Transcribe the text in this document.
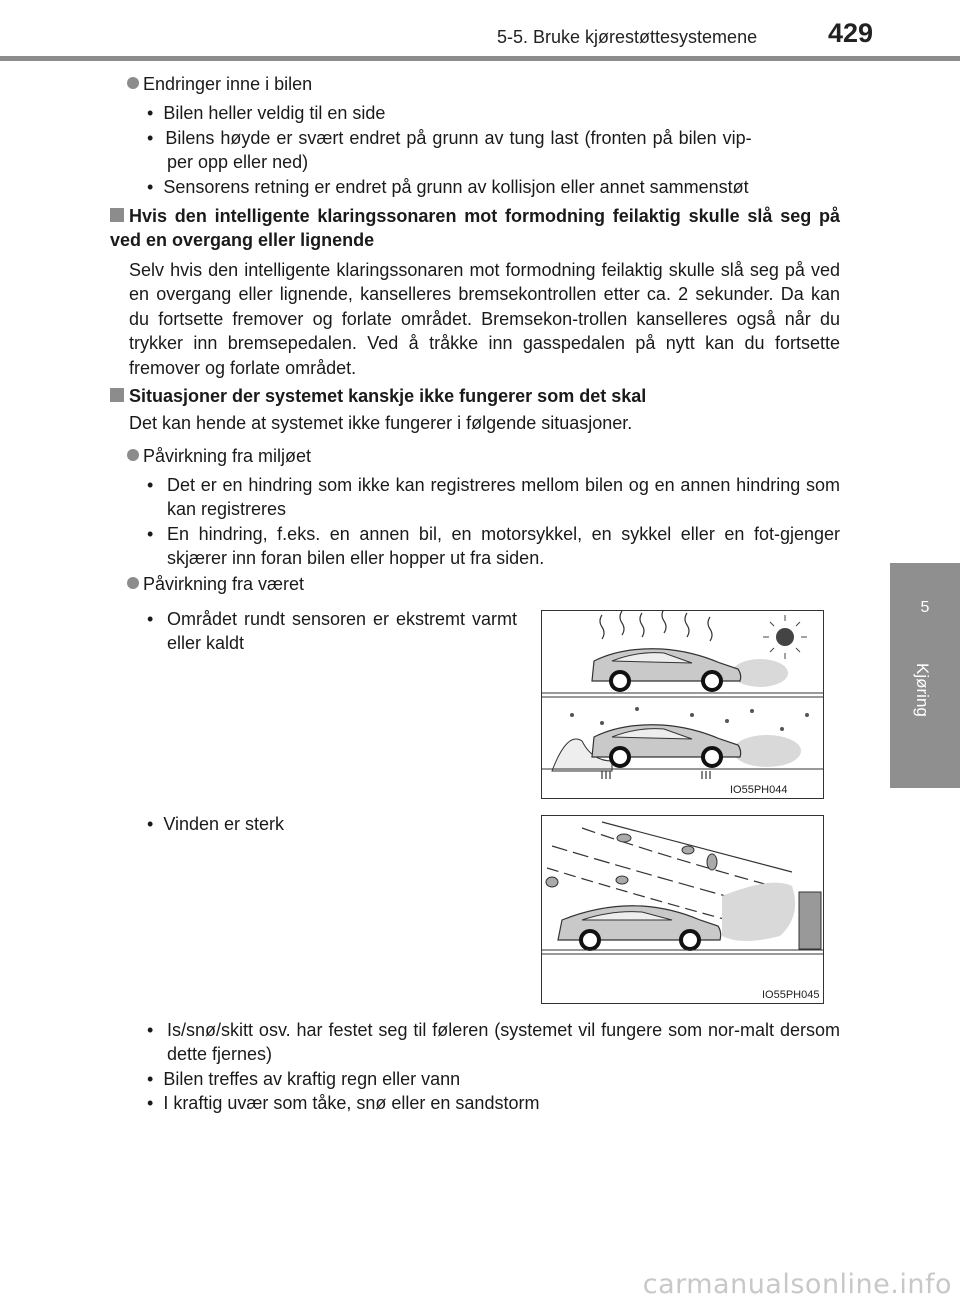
5-5. Bruke kjørestøttesystemene	429
5
Kjøring
Endringer inne i bilen
•  Bilen heller veldig til en side
•  Bilens høyde er svært endret på grunn av tung last (fronten på bilen vip-
per opp eller ned)
•  Sensorens retning er endret på grunn av kollisjon eller annet sammenstøt
Hvis den intelligente klaringssonaren mot formodning feilaktig skulle slå seg på ved en overgang eller lignende
Selv hvis den intelligente klaringssonaren mot formodning feilaktig skulle slå seg på ved en overgang eller lignende, kanselleres bremsekontrollen etter ca. 2 sekunder. Da kan du fortsette fremover og forlate området. Bremsekon-trollen kanselleres også når du trykker inn bremsepedalen. Ved å tråkke inn gasspedalen på nytt kan du fortsette fremover og forlate området.
Situasjoner der systemet kanskje ikke fungerer som det skal
Det kan hende at systemet ikke fungerer i følgende situasjoner.
Påvirkning fra miljøet
• Det er en hindring som ikke kan registreres mellom bilen og en annen hindring som kan registreres
• En hindring, f.eks. en annen bil, en motorsykkel, en sykkel eller en fot-gjenger skjærer inn foran bilen eller hopper ut fra siden.
Påvirkning fra været
• Området rundt sensoren er ekstremt varmt eller kaldt
•  Vinden er sterk
IO55PH044
IO55PH045
• Is/snø/skitt osv. har festet seg til føleren (systemet vil fungere som nor-malt dersom dette fjernes)
•  Bilen treffes av kraftig regn eller vann
•  I kraftig uvær som tåke, snø eller en sandstorm
carmanualsonline.info
